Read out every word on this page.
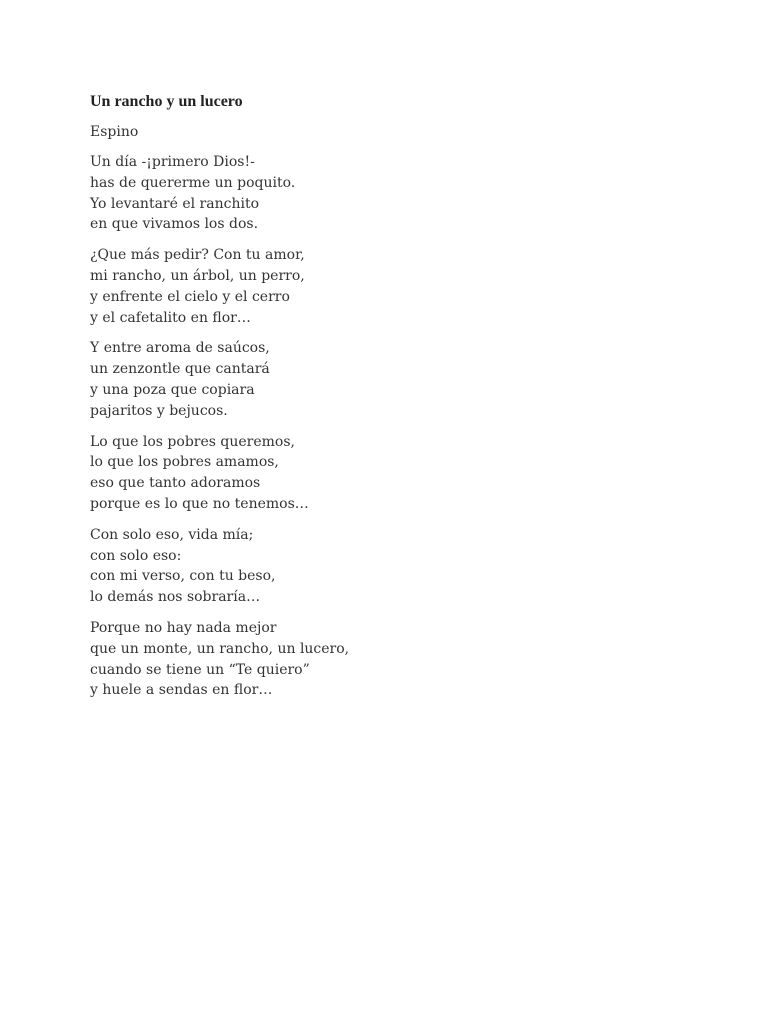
Un rancho y un lucero
Espino
Un día -¡primero Dios!-
has de quererme un poquito.
Yo levantaré el ranchito
en que vivamos los dos.
¿Que más pedir? Con tu amor,
mi rancho, un árbol, un perro,
y enfrente el cielo y el cerro
y el cafetalito en flor…
Y entre aroma de saúcos,
un zenzontle que cantará
y una poza que copiara
pajaritos y bejucos.
Lo que los pobres queremos,
lo que los pobres amamos,
eso que tanto adoramos
porque es lo que no tenemos…
Con solo eso, vida mía;
con solo eso:
con mi verso, con tu beso,
lo demás nos sobraría…
Porque no hay nada mejor
que un monte, un rancho, un lucero,
cuando se tiene un “Te quiero”
y huele a sendas en flor…
